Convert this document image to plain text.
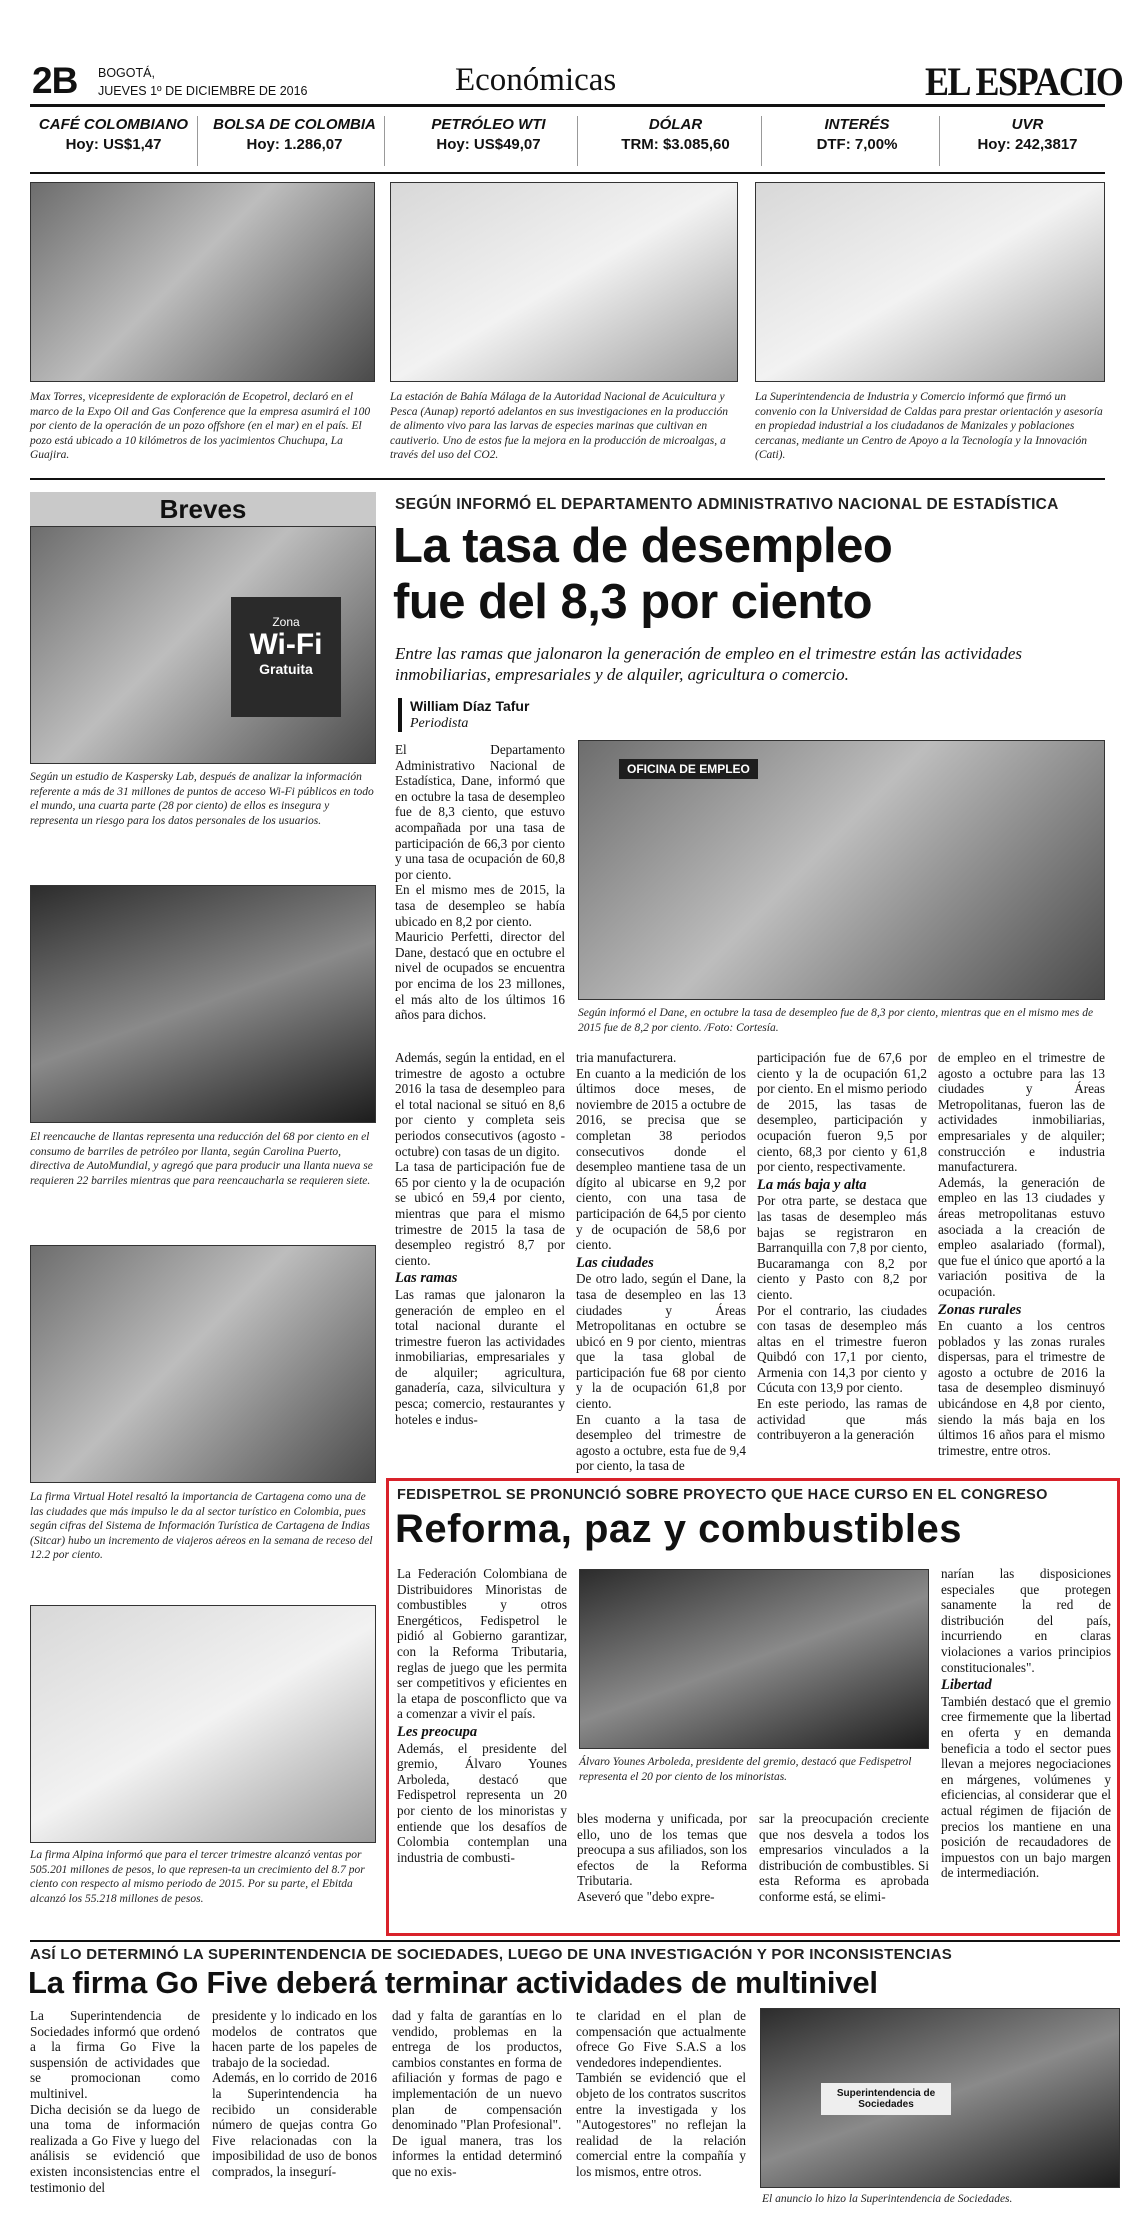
2B BOGOTÁ,
JUEVES 1º DE DICIEMBRE DE 2016	Económicas	EL ESPACIO
CAFÉ COLOMBIANO
Hoy: US$1,47
BOLSA DE COLOMBIA
Hoy: 1.286,07
PETRÓLEO WTI
Hoy: US$49,07
DÓLAR
TRM: $3.085,60
INTERÉS
DTF: 7,00%
UVR
Hoy: 242,3817
Max Torres, vicepresidente de exploración de Ecopetrol, declaró en el marco de la Expo Oil and Gas Conference que la empresa asumirá el 100 por ciento de la operación de un pozo offshore (en el mar) en el país. El pozo está ubicado a 10 kilómetros de los yacimientos Chuchupa, La Guajira.
La estación de Bahía Málaga de la Autoridad Nacional de Acuicultura y Pesca (Aunap) reportó adelantos en sus investigaciones en la producción de alimento vivo para las larvas de especies marinas que cultivan en cautiverio. Uno de estos fue la mejora en la producción de microalgas, a través del uso del CO2.
La Superintendencia de Industria y Comercio informó que firmó un convenio con la Universidad de Caldas para prestar orientación y asesoría en propiedad industrial a los ciudadanos de Manizales y poblaciones cercanas, mediante un Centro de Apoyo a la Tecnología y la Innovación (Cati).
Breves
Zona
Wi-Fi
Gratuita
Según un estudio de Kaspersky Lab, después de analizar la información referente a más de 31 millones de puntos de acceso Wi-Fi públicos en todo el mundo, una cuarta parte (28 por ciento) de ellos es insegura y representa un riesgo para los datos personales de los usuarios.
El reencauche de llantas representa una reducción del 68 por ciento en el consumo de barriles de petróleo por llanta, según Carolina Puerto, directiva de AutoMundial, y agregó que para producir una llanta nueva se requieren 22 barriles mientras que para reencaucharla se requieren siete.
La firma Virtual Hotel resaltó la importancia de Cartagena como una de las ciudades que más impulso le da al sector turístico en Colombia, pues según cifras del Sistema de Información Turística de Cartagena de Indias (Sitcar) hubo un incremento de viajeros aéreos en la semana de receso del 12.2 por ciento.
La firma Alpina informó que para el tercer trimestre alcanzó ventas por 505.201 millones de pesos, lo que represen-ta un crecimiento del 8.7 por ciento con respecto al mismo periodo de 2015. Por su parte, el Ebitda alcanzó los 55.218 millones de pesos.
SEGÚN INFORMÓ EL DEPARTAMENTO ADMINISTRATIVO NACIONAL DE ESTADÍSTICA
La tasa de desempleo
fue del 8,3 por ciento
Entre las ramas que jalonaron la generación de empleo en el trimestre están las actividades inmobiliarias, empresariales y de alquiler, agricultura o comercio.
William Díaz Tafur
Periodista

El Departamento Administrativo Nacional de Estadística, Dane, informó que en octubre la tasa de desempleo fue de 8,3 ciento, que estuvo acompañada por una tasa de participación de 66,3 por ciento y una tasa de ocupación de 60,8 por ciento.

En el mismo mes de 2015, la tasa de desempleo se había ubicado en 8,2 por ciento.

Mauricio Perfetti, director del Dane, destacó que en octubre el nivel de ocupados se encuentra por encima de los 23 millones, el más alto de los últimos 16 años para dichos.

OFICINA DE EMPLEO
Según informó el Dane, en octubre la tasa de desempleo fue de 8,3 por ciento, mientras que en el mismo mes de 2015 fue de 8,2 por ciento. /Foto: Cortesía.

Además, según la entidad, en el trimestre de agosto a octubre 2016 la tasa de desempleo para el total nacional se situó en 8,6 por ciento y completa seis periodos consecutivos (agosto - octubre) con tasas de un digito.

La tasa de participación fue de 65 por ciento y la de ocupación se ubicó en 59,4 por ciento, mientras que para el mismo trimestre de 2015 la tasa de desempleo registró 8,7 por ciento.

Las ramas

Las ramas que jalonaron la generación de empleo en el total nacional durante el trimestre fueron las actividades inmobiliarias, empresariales y de alquiler; agricultura, ganadería, caza, silvicultura y pesca; comercio, restaurantes y hoteles e indus-

tria manufacturera.

En cuanto a la medición de los últimos doce meses, de noviembre de 2015 a octubre de 2016, se precisa que se completan 38 periodos consecutivos donde el desempleo mantiene tasa de un dígito al ubicarse en 9,2 por ciento, con una tasa de participación de 64,5 por ciento y de ocupación de 58,6 por ciento.

Las ciudades

De otro lado, según el Dane, la tasa de desempleo en las 13 ciudades y Áreas Metropolitanas en octubre se ubicó en 9 por ciento, mientras que la tasa global de participación fue 68 por ciento y la de ocupación 61,8 por ciento.

En cuanto a la tasa de desempleo del trimestre de agosto a octubre, esta fue de 9,4 por ciento, la tasa de

participación fue de 67,6 por ciento y la de ocupación 61,2 por ciento. En el mismo periodo de 2015, las tasas de desempleo, participación y ocupación fueron 9,5 por ciento, 68,3 por ciento y 61,8 por ciento, respectivamente.

La más baja y alta

Por otra parte, se destaca que las tasas de desempleo más bajas se registraron en Barranquilla con 7,8 por ciento, Bucaramanga con 8,2 por ciento y Pasto con 8,2 por ciento.

Por el contrario, las ciudades con tasas de desempleo más altas en el trimestre fueron Quibdó con 17,1 por ciento, Armenia con 14,3 por ciento y Cúcuta con 13,9 por ciento.

En este periodo, las ramas de actividad que más contribuyeron a la generación

de empleo en el trimestre de agosto a octubre para las 13 ciudades y Áreas Metropolitanas, fueron las de actividades inmobiliarias, empresariales y de alquiler; construcción e industria manufacturera.

Además, la generación de empleo en las 13 ciudades y áreas metropolitanas estuvo asociada a la creación de empleo asalariado (formal), que fue el único que aportó a la variación positiva de la ocupación.

Zonas rurales

En cuanto a los centros poblados y las zonas rurales dispersas, para el trimestre de agosto a octubre de 2016 la tasa de desempleo disminuyó ubicándose en 4,8 por ciento, siendo la más baja en los últimos 16 años para el mismo trimestre, entre otros.

FEDISPETROL SE PRONUNCIÓ SOBRE PROYECTO QUE HACE CURSO EN EL CONGRESO
Reforma, paz y combustibles

La Federación Colombiana de Distribuidores Minoristas de combustibles y otros Energéticos, Fedispetrol le pidió al Gobierno garantizar, con la Reforma Tributaria, reglas de juego que les permita ser competitivos y eficientes en la etapa de posconflicto que va a comenzar a vivir el país.

Les preocupa

Además, el presidente del gremio, Álvaro Younes Arboleda, destacó que Fedispetrol representa un 20 por ciento de los minoristas y entiende que los desafíos de Colombia contemplan una industria de combusti-

Álvaro Younes Arboleda, presidente del gremio, destacó que Fedispetrol representa el 20 por ciento de los minoristas.
bles moderna y unificada, por ello, uno de los temas que preocupa a sus afiliados, son los efectos de la Reforma Tributaria.
Aseveró que "debo expre-
sar la preocupación creciente que nos desvela a todos los empresarios vinculados a la distribución de combustibles. Si esta Reforma es aprobada conforme está, se elimi-

narían las disposiciones especiales que protegen sanamente la red de distribución del país, incurriendo en claras violaciones a varios principios constitucionales".

Libertad

También destacó que el gremio cree firmemente que la libertad en oferta y en demanda beneficia a todo el sector pues llevan a mejores negociaciones en márgenes, volúmenes y eficiencias, al considerar que el actual régimen de fijación de precios los mantiene en una posición de recaudadores de impuestos con un bajo margen de intermediación.

ASÍ LO DETERMINÓ LA SUPERINTENDENCIA DE SOCIEDADES, LUEGO DE UNA INVESTIGACIÓN Y POR INCONSISTENCIAS
La firma Go Five deberá terminar actividades de multinivel
La Superintendencia de Sociedades informó que ordenó a la firma Go Five la suspensión de actividades que se promocionan como multinivel.
Dicha decisión se da luego de una toma de información realizada a Go Five y luego del análisis se evidenció que existen inconsistencias entre el testimonio del
presidente y lo indicado en los modelos de contratos que hacen parte de los papeles de trabajo de la sociedad.
Además, en lo corrido de 2016 la Superintendencia ha recibido un considerable número de quejas contra Go Five relacionadas con la imposibilidad de uso de bonos comprados, la insegurí-
dad y falta de garantías en lo vendido, problemas en la entrega de los productos, cambios constantes en forma de afiliación y formas de pago e implementación de un nuevo plan de compensación denominado "Plan Profesional".
De igual manera, tras los informes la entidad determinó que no exis-
te claridad en el plan de compensación que actualmente ofrece Go Five S.A.S a los vendedores independientes.
También se evidenció que el objeto de los contratos suscritos entre la investigada y los "Autogestores" no reflejan la realidad de la relación comercial entre la compañía y los mismos, entre otros.
Superintendencia de Sociedades
El anuncio lo hizo la Superintendencia de Sociedades.
